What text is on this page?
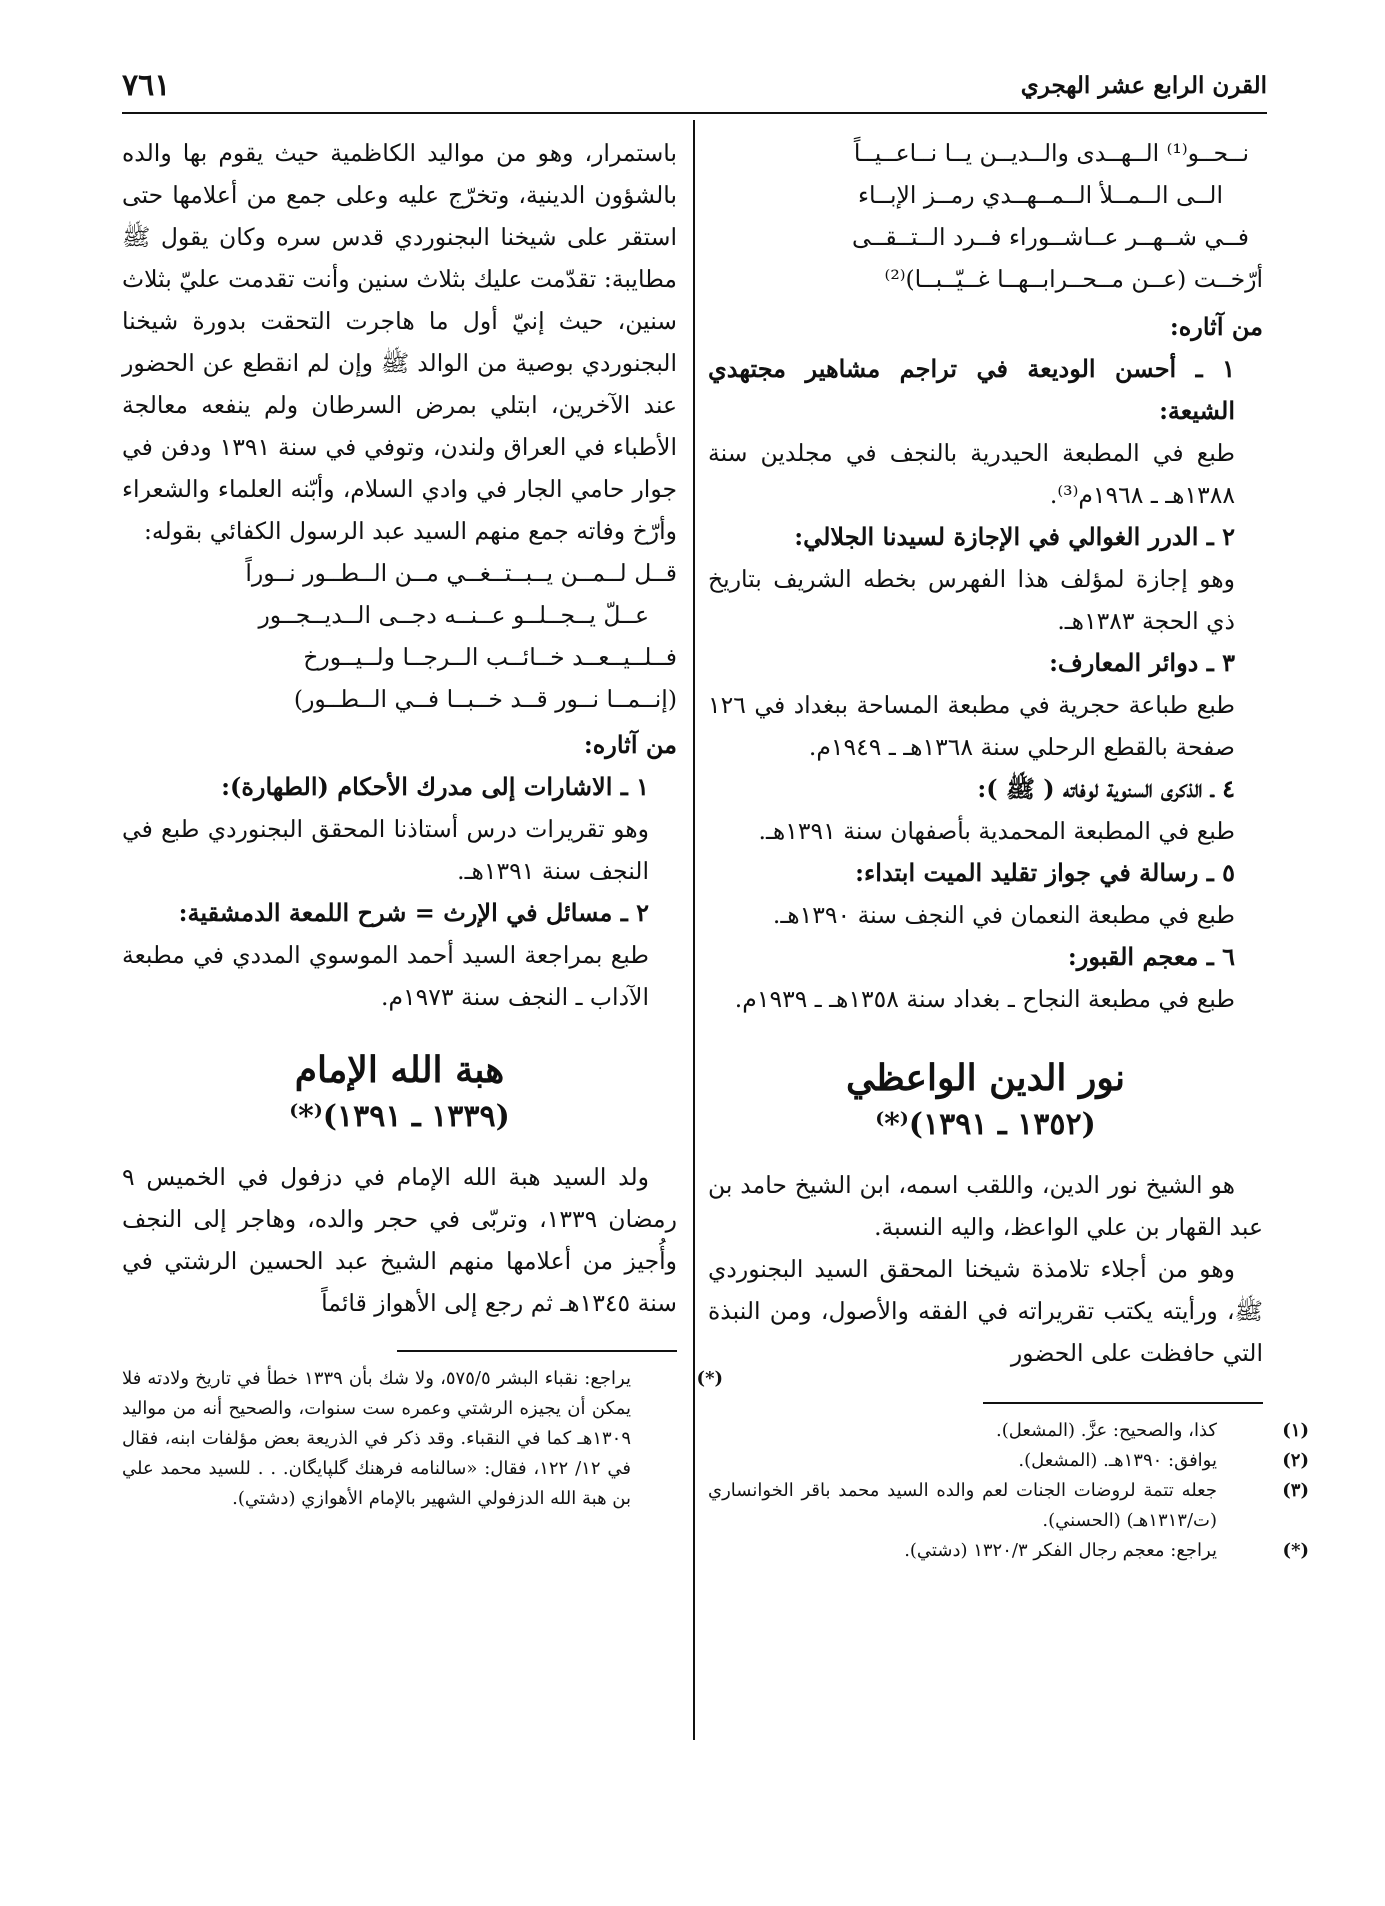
القرن الرابع عشر الهجري
٧٦١
نــحــو⁽¹⁾ الــهــدى والــديــن يــا نــاعــيــاً
الــى الــمــلأ الــمــهــدي رمــز الإبــاء
فــي شــهــر عــاشــوراء فــرد الــتــقــى
أرّخــت (عــن مــحــرابــهــا غــيّــبــا)⁽²⁾
من آثاره:
١ ـ أحسن الوديعة في تراجم مشاهير مجتهدي الشيعة:
طبع في المطبعة الحيدرية بالنجف في مجلدين سنة ١٣٨٨هـ ـ ١٩٦٨م⁽³⁾.
٢ ـ الدرر الغوالي في الإجازة لسيدنا الجلالي:
وهو إجازة لمؤلف هذا الفهرس بخطه الشريف بتاريخ ذي الحجة ١٣٨٣هـ.
٣ ـ دوائر المعارف:
طبع طباعة حجرية في مطبعة المساحة ببغداد في ١٢٦ صفحة بالقطع الرحلي سنة ١٣٦٨هـ ـ ١٩٤٩م.
٤ ـ الذكرى السنوية لوفاته ( ﷺ ):
طبع في المطبعة المحمدية بأصفهان سنة ١٣٩١هـ.
٥ ـ رسالة في جواز تقليد الميت ابتداء:
طبع في مطبعة النعمان في النجف سنة ١٣٩٠هـ.
٦ ـ معجم القبور:
طبع في مطبعة النجاح ـ بغداد سنة ١٣٥٨هـ ـ ١٩٣٩م.
نور الدين الواعظي
(١٣٥٢ ـ ١٣٩١)⁽*⁾
هو الشيخ نور الدين، واللقب اسمه، ابن الشيخ حامد بن عبد القهار بن علي الواعظ، واليه النسبة.
وهو من أجلاء تلامذة شيخنا المحقق السيد البجنوردي ﷺ، ورأيته يكتب تقريراته في الفقه والأصول، ومن النبذة التي حافظت على الحضور
(١)كذا، والصحيح: عزَّ. (المشعل).
(٢)يوافق: ١٣٩٠هـ. (المشعل).
(٣)جعله تتمة لروضات الجنات لعم والده السيد محمد باقر الخوانساري (ت/١٣١٣هـ) (الحسني).
(*)يراجع: معجم رجال الفكر ١٣٢٠/٣ (دشتي).
باستمرار، وهو من مواليد الكاظمية حيث يقوم بها والده بالشؤون الدينية، وتخرّج عليه وعلى جمع من أعلامها حتى استقر على شيخنا البجنوردي قدس سره وكان يقول ﷺ مطايبة: تقدّمت عليك بثلاث سنين وأنت تقدمت عليّ بثلاث سنين، حيث إنيّ أول ما هاجرت التحقت بدورة شيخنا البجنوردي بوصية من الوالد ﷺ وإن لم انقطع عن الحضور عند الآخرين، ابتلي بمرض السرطان ولم ينفعه معالجة الأطباء في العراق ولندن، وتوفي في سنة ١٣٩١ ودفن في جوار حامي الجار في وادي السلام، وأبّنه العلماء والشعراء وأرّخ وفاته جمع منهم السيد عبد الرسول الكفائي بقوله:
قــل لــمــن يــبــتــغــي مــن الــطــور نــوراً
عــلّ يــجــلــو عــنــه دجــى الــديــجــور
فــلــيــعــد خــائــب الــرجــا ولــيــورخ
(إنــمــا نــور قــد خــبــا فــي الــطــور)
من آثاره:
١ ـ الاشارات إلى مدرك الأحكام (الطهارة):
وهو تقريرات درس أستاذنا المحقق البجنوردي طبع في النجف سنة ١٣٩١هـ.
٢ ـ مسائل في الإرث = شرح اللمعة الدمشقية:
طبع بمراجعة السيد أحمد الموسوي المددي في مطبعة الآداب ـ النجف سنة ١٩٧٣م.
هبة الله الإمام
(١٣٣٩ ـ ١٣٩١)⁽*⁾
ولد السيد هبة الله الإمام في دزفول في الخميس ٩ رمضان ١٣٣٩، وتربّى في حجر والده، وهاجر إلى النجف وأُجيز من أعلامها منهم الشيخ عبد الحسين الرشتي في سنة ١٣٤٥هـ ثم رجع إلى الأهواز قائماً
(*)يراجع: نقباء البشر ٥٧٥/٥، ولا شك بأن ١٣٣٩ خطأ في تاريخ ولادته فلا يمكن أن يجيزه الرشتي وعمره ست سنوات، والصحيح أنه من مواليد ١٣٠٩هـ كما في النقباء. وقد ذكر في الذريعة بعض مؤلفات ابنه، فقال في ١٢/ ١٢٢، فقال: «سالنامه فرهنك گلپايگان. . . للسيد محمد علي بن هبة الله الدزفولي الشهير بالإمام الأهوازي (دشتي).
